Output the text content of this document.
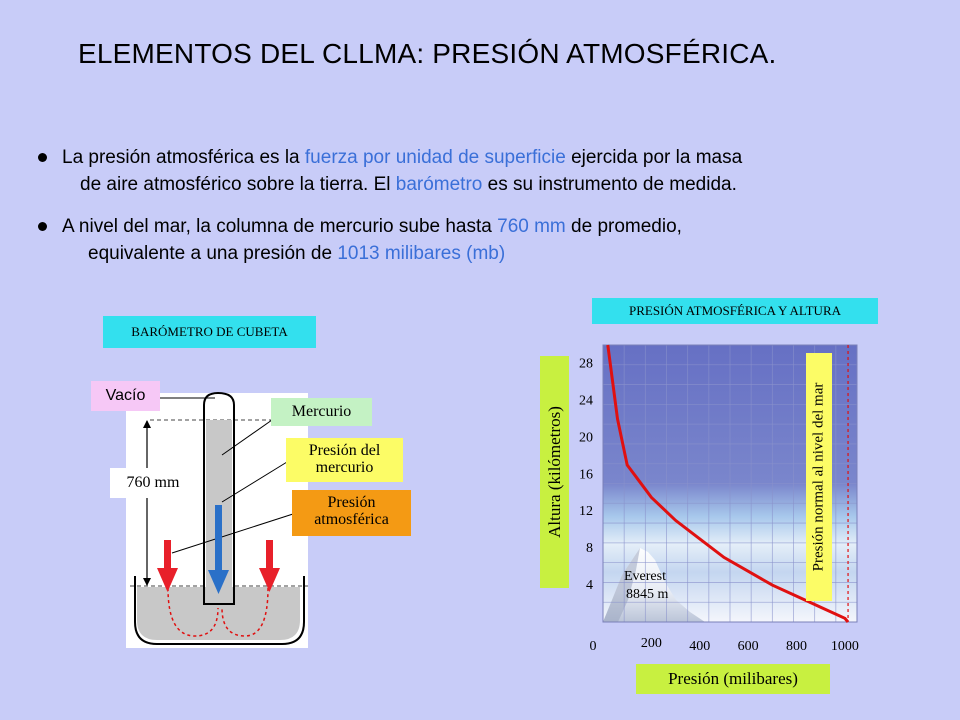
ELEMENTOS DEL CLLMA: PRESIÓN ATMOSFÉRICA.
La presión atmosférica es la fuerza por unidad de superficie ejercida por la masa
de aire atmosférico sobre la tierra. El barómetro es su instrumento de medida.
A nivel del mar, la columna de mercurio sube hasta 760 mm de promedio,
equivalente a una presión de 1013 milibares (mb)
BARÓMETRO DE CUBETA
Vacío
Mercurio
Presión del
mercurio
Presión
atmosférica
760 mm
PRESIÓN ATMOSFÉRICA Y ALTURA
4
8
12
16
20
24
28
0	200 400 600 800 1000
Everest
8845 m
Altura (kilómetros)	Presión normal al nivel del mar
Presión (milibares)
